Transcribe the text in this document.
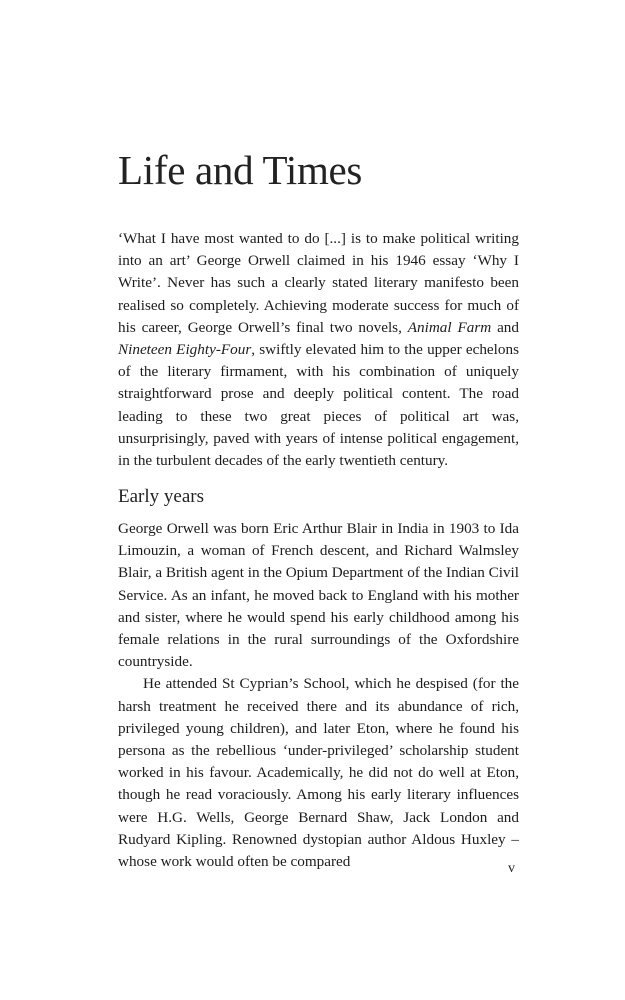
Life and Times

‘What I have most wanted to do [...] is to make political writing into an art’ George Orwell claimed in his 1946 essay ‘Why I Write’. Never has such a clearly stated literary manifesto been realised so completely. Achieving moderate success for much of his career, George Orwell’s final two novels, Animal Farm and Nineteen Eighty-Four, swiftly elevated him to the upper echelons of the literary firmament, with his combination of uniquely straightforward prose and deeply political content. The road leading to these two great pieces of political art was, unsurprisingly, paved with years of intense political engagement, in the turbulent decades of the early twentieth century.

Early years

George Orwell was born Eric Arthur Blair in India in 1903 to Ida Limouzin, a woman of French descent, and Richard Walmsley Blair, a British agent in the Opium Department of the Indian Civil Service. As an infant, he moved back to England with his mother and sister, where he would spend his early childhood among his female relations in the rural surroundings of the Oxfordshire countryside.

He attended St Cyprian’s School, which he despised (for the harsh treatment he received there and its abundance of rich, privileged young children), and later Eton, where he found his persona as the rebellious ‘under-privileged’ scholarship student worked in his favour. Academically, he did not do well at Eton, though he read voraciously. Among his early literary influences were H.G. Wells, George Bernard Shaw, Jack London and Rudyard Kipling. Renowned dystopian author Aldous Huxley – whose work would often be compared	v
